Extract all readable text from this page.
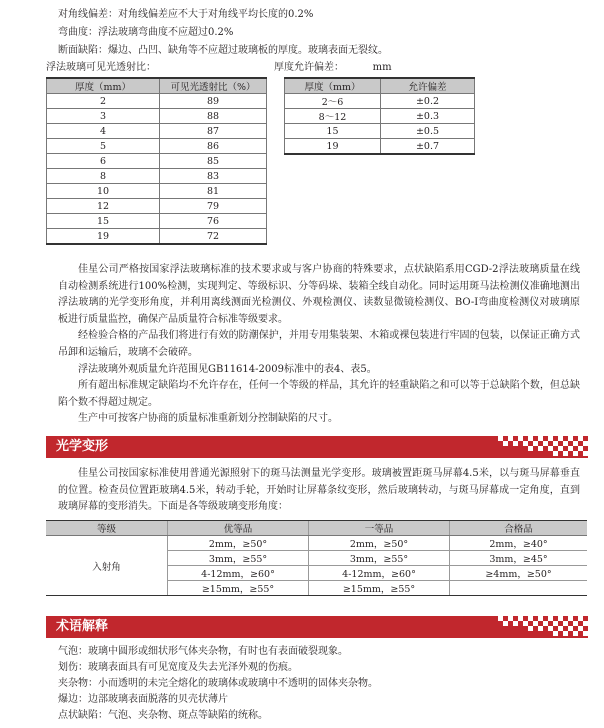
对角线偏差：对角线偏差应不大于对角线平均长度的0.2%
弯曲度：浮法玻璃弯曲度不应超过0.2%
断面缺陷：爆边、凸凹、缺角等不应超过玻璃板的厚度。玻璃表面无裂纹。
浮法玻璃可见光透射比：	厚度允许偏差：	mm
厚度（mm）	可见光透射比（%）
2	89
3	88
4	87
5	86
6	85
8	83
10	81
12	79
15	76
19	72
厚度（mm）	允许偏差
2～6	±0.2
8～12	±0.3
15	±0.5
19	±0.7

佳星公司严格按国家浮法玻璃标准的技术要求或与客户协商的特殊要求，点状缺陷系用CGD-2浮法玻璃质量在线自动检测系统进行100%检测，实现判定、等级标识、分等码垛、装箱全线自动化。同时运用斑马法检测仪准确地测出浮法玻璃的光学变形角度，并利用离线测面光检测仪、外观检测仪、读数显微镜检测仪、BO-I弯曲度检测仪对玻璃原板进行质量监控，确保产品质量符合标准等级要求。

经检验合格的产品我们将进行有效的防潮保护，并用专用集装架、木箱或裸包装进行牢固的包装，以保证正确方式吊卸和运输后，玻璃不会破碎。

浮法玻璃外观质量允许范围见GB11614-2009标准中的表4、表5。

所有超出标准规定缺陷均不允许存在，任何一个等级的样品，其允许的轻重缺陷之和可以等于总缺陷个数，但总缺陷个数不得超过规定。

生产中可按客户协商的质量标准重新划分控制缺陷的尺寸。

光学变形

佳星公司按国家标准使用普通光源照射下的斑马法测量光学变形。玻璃被置距斑马屏幕4.5米，以与斑马屏幕垂直的位置。检查员位置距玻璃4.5米，转动手轮，开始时让屏幕条纹变形，然后玻璃转动，与斑马屏幕成一定角度，直到玻璃屏幕的变形消失。下面是各等级玻璃变形角度：

等级	优等品	一等品	合格品
入射角	2mm，≥50°	2mm，≥50°	2mm，≥40°
	3mm，≥55°	3mm，≥55°	3mm，≥45°
	4-12mm，≥60°	4-12mm，≥60°	≥4mm，≥50°
	≥15mm，≥55°	≥15mm，≥55°	
术语解释
气泡：玻璃中圆形或细状形气体夹杂物，有时也有表面破裂现象。
划伤：玻璃表面具有可见宽度及失去光泽外观的伤痕。
夹杂物：小而透明的未完全熔化的玻璃体或玻璃中不透明的固体夹杂物。
爆边：边部玻璃表面脱落的贝壳状薄片
点状缺陷：气泡、夹杂物、斑点等缺陷的统称。
